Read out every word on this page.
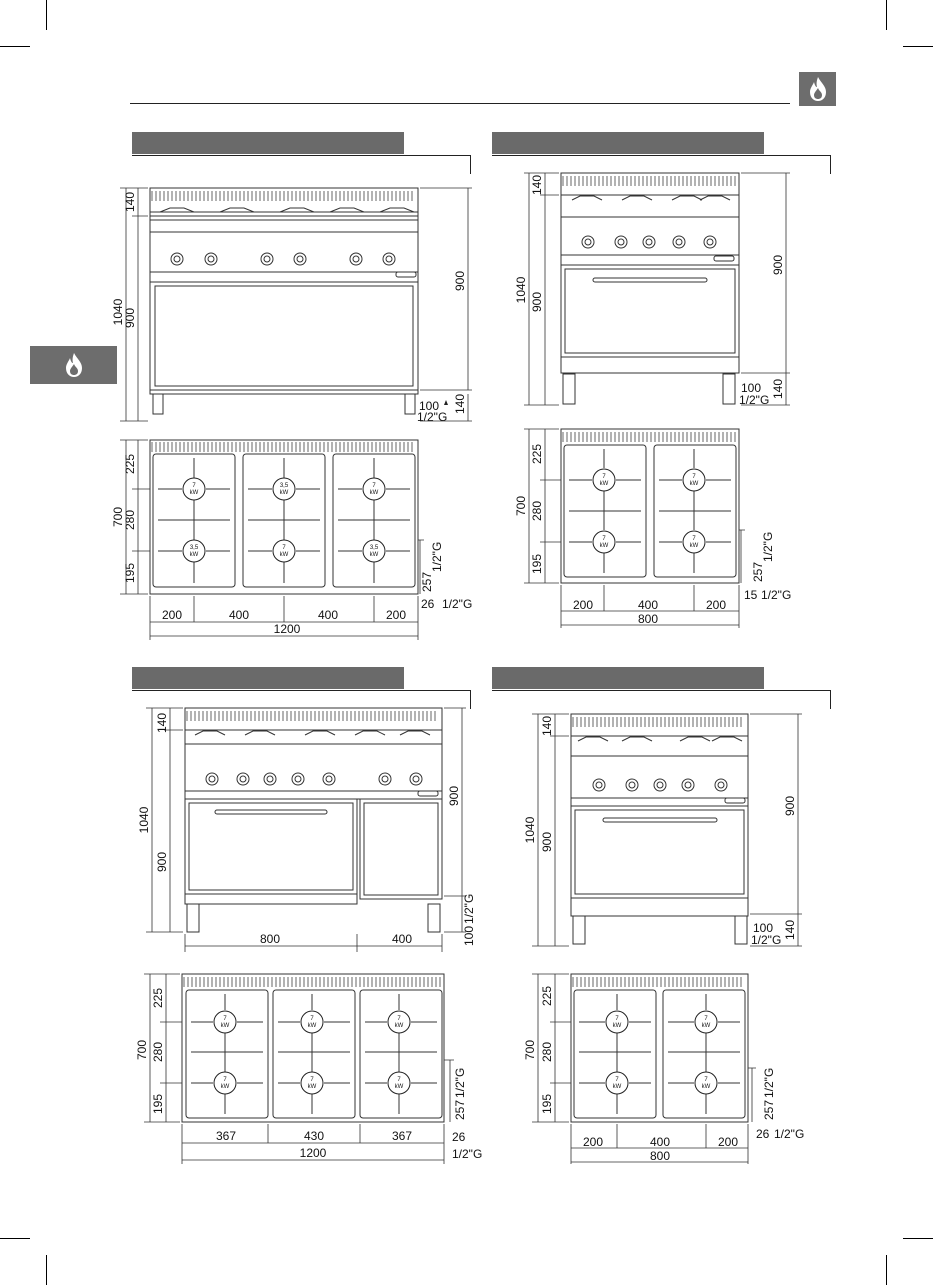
1040
900
140
900
140
100
1/2"G
7
kW
3,5
kW
7
kW
3,5
kW
7
kW
3,5
kW
700
225
280
195
200	400	400	200
1200
257
1/2"G
26 1/2"G
1040 900
140
900
140
100
1/2"G
7
kW
7
kW
7
kW
7
kW
700
225
280
195
200	400	200
800
257
1/2"G
15 1/2"G
1040
900
140
900
100
1/2"G
800	400
7
kW
7
kW
7
kW
7
kW
7
kW
7
kW
700
225
280
195
367	430	367
1200
257
1/2"G
26
1/2"G
1040 900
140
900
140
100
1/2"G
7
kW
7
kW
7
kW
7
kW
700
225
280
195
200	400	200
800
257
1/2"G
26 1/2"G
